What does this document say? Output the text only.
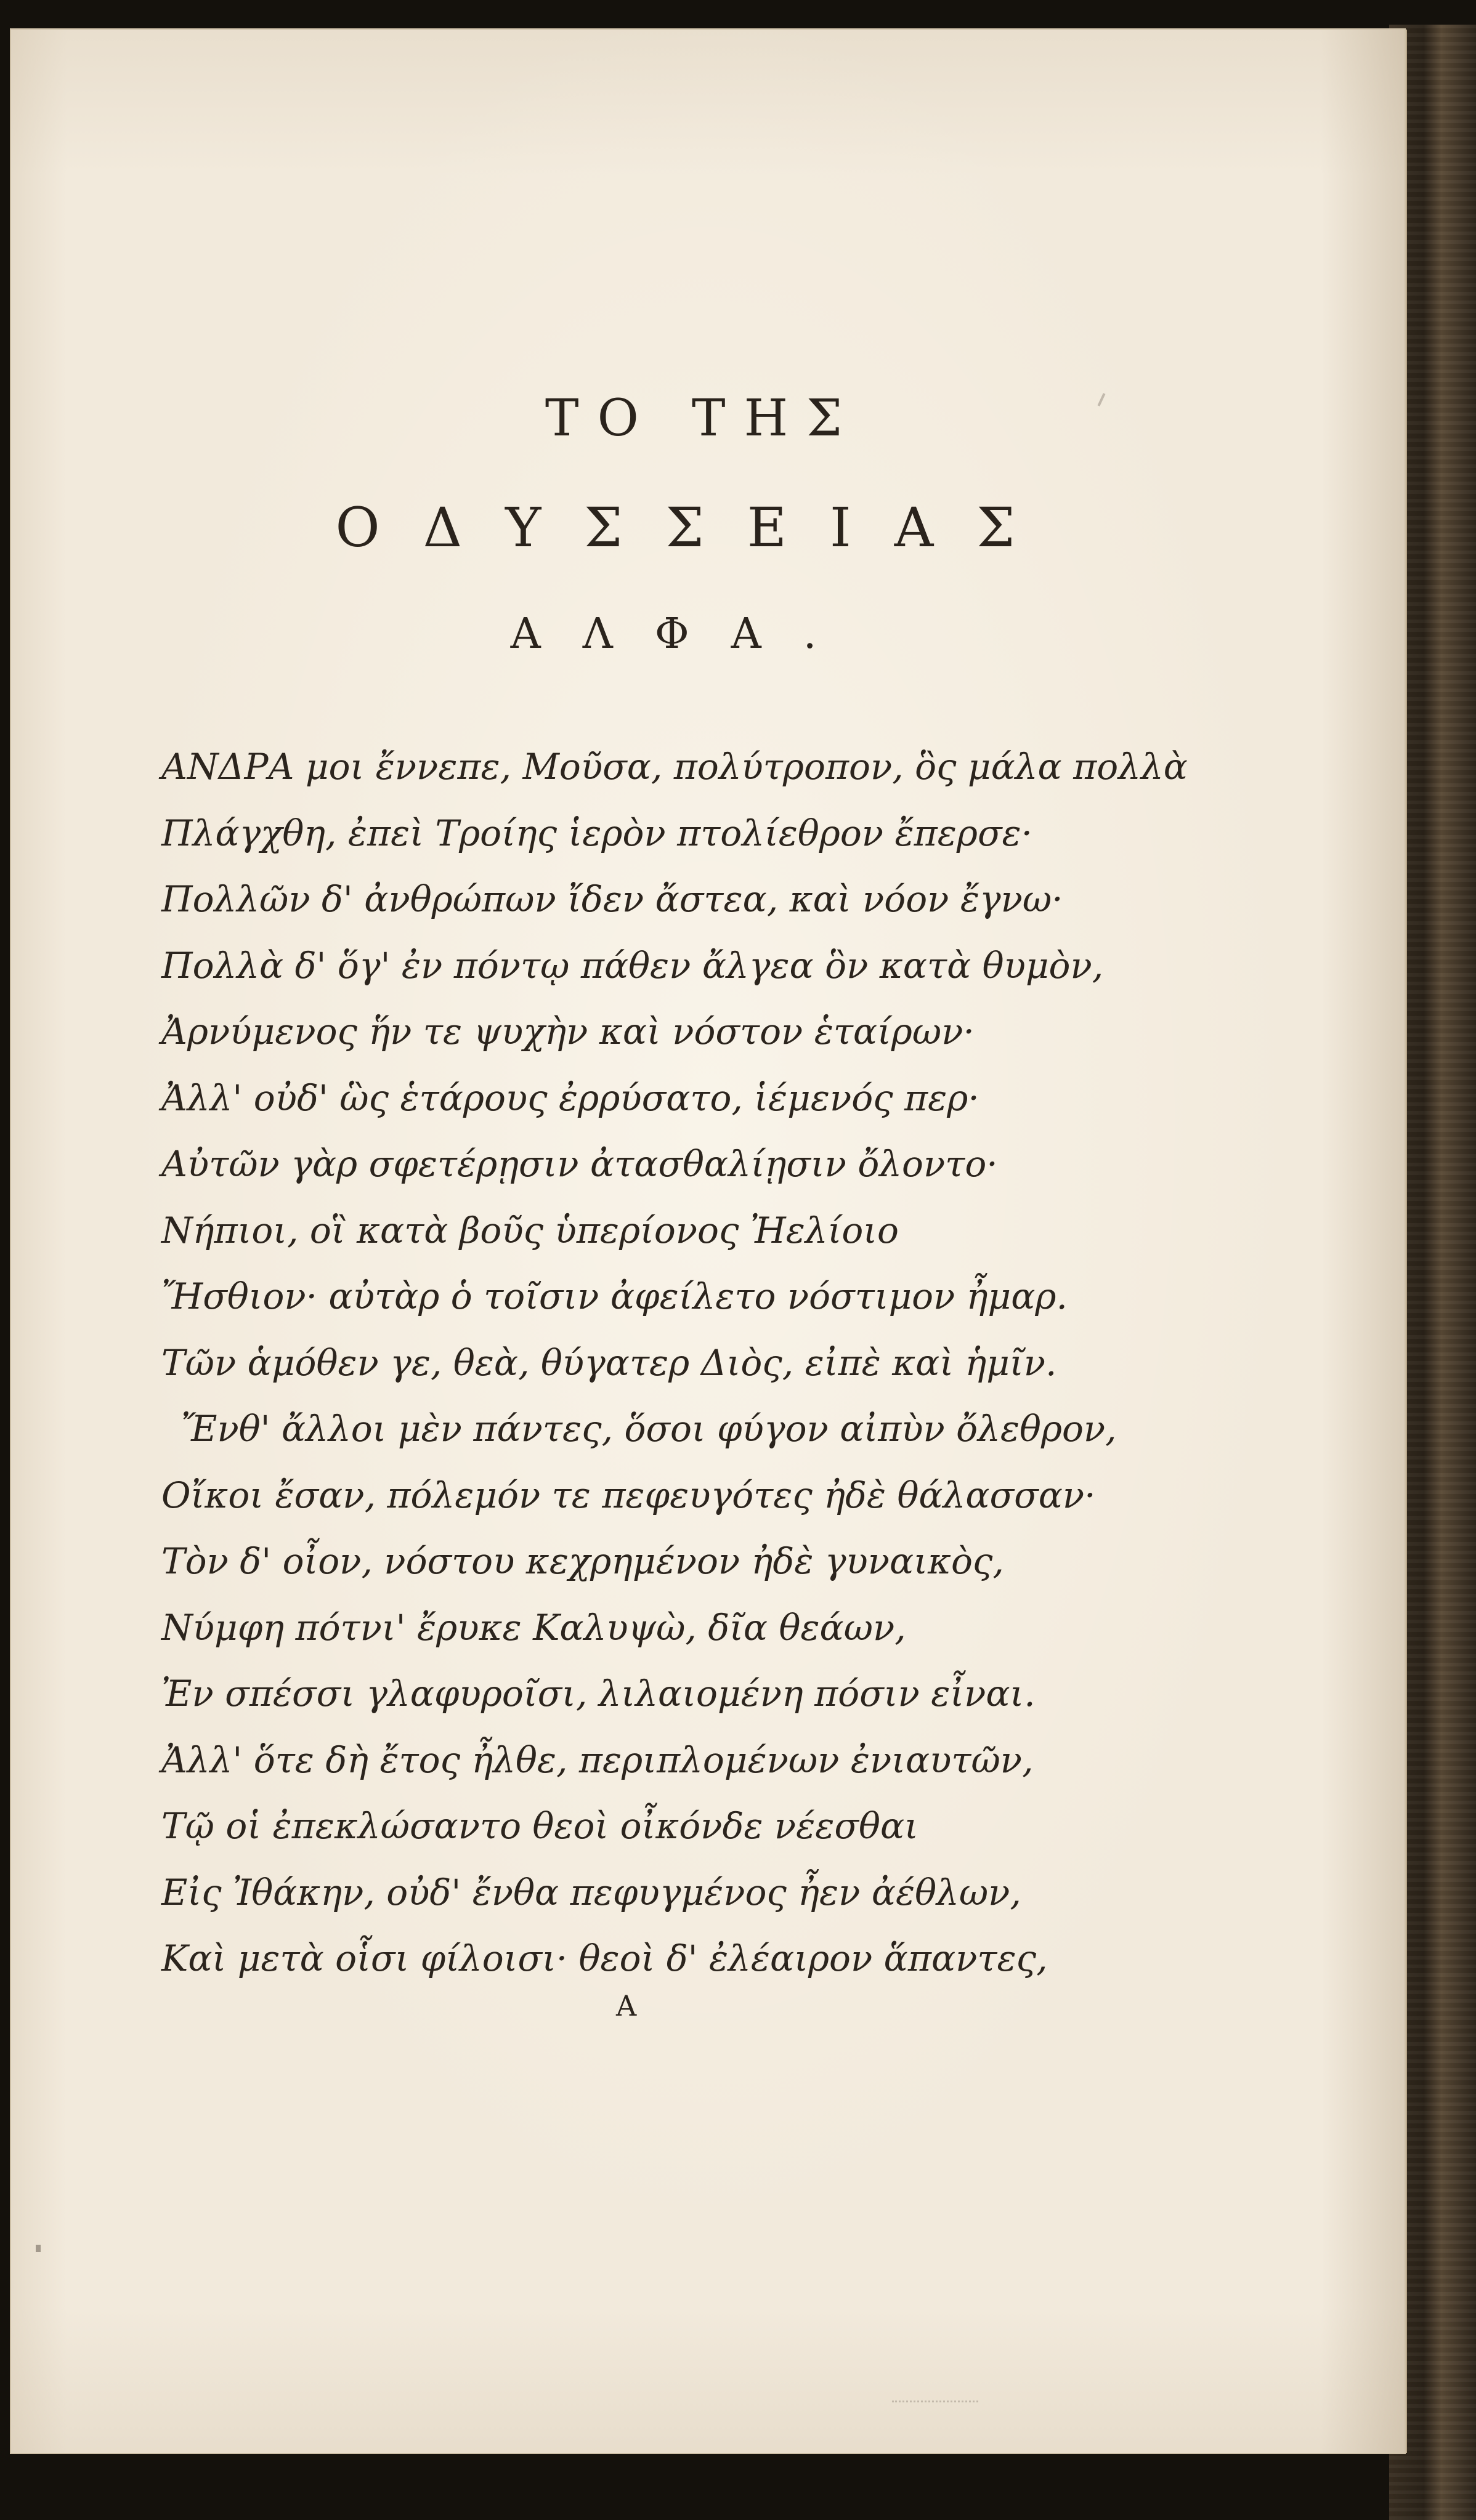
ΤΟ ΤΗΣ
ΟΔΥΣΣΕΙΑΣ
ΑΛΦΑ.
ΑΝΔΡΑ μοι ἔννεπε, Μοῦσα, πολύτροπον, ὃς μάλα πολλὰ
Πλάγχθη, ἐπεὶ Τροίης ἱερὸν πτολίεθρον ἔπερσε·
Πολλῶν δ' ἀνθρώπων ἴδεν ἄστεα, καὶ νόον ἔγνω·
Πολλὰ δ' ὅγ' ἐν πόντῳ πάθεν ἄλγεα ὃν κατὰ θυμὸν,
Ἀρνύμενος ἥν τε ψυχὴν καὶ νόστον ἑταίρων·
Ἀλλ' οὐδ' ὣς ἑτάρους ἐρρύσατο, ἱέμενός περ·
Αὐτῶν γὰρ σφετέρῃσιν ἀτασθαλίῃσιν ὄλοντο·
Νήπιοι, οἳ κατὰ βοῦς ὑπερίονος Ἠελίοιο
Ἤσθιον· αὐτὰρ ὁ τοῖσιν ἀφείλετο νόστιμον ἦμαρ.
Τῶν ἁμόθεν γε, θεὰ, θύγατερ Διὸς, εἰπὲ καὶ ἡμῖν.
Ἔνθ' ἄλλοι μὲν πάντες, ὅσοι φύγον αἰπὺν ὄλεθρον,
Οἴκοι ἔσαν, πόλεμόν τε πεφευγότες ἠδὲ θάλασσαν·
Τὸν δ' οἶον, νόστου κεχρημένον ἠδὲ γυναικὸς,
Νύμφη πότνι' ἔρυκε Καλυψὼ, δῖα θεάων,
Ἐν σπέσσι γλαφυροῖσι, λιλαιομένη πόσιν εἶναι.
Ἀλλ' ὅτε δὴ ἔτος ἦλθε, περιπλομένων ἐνιαυτῶν,
Τῷ οἱ ἐπεκλώσαντο θεοὶ οἶκόνδε νέεσθαι
Εἰς Ἰθάκην, οὐδ' ἔνθα πεφυγμένος ἦεν ἀέθλων,
Καὶ μετὰ οἷσι φίλοισι· θεοὶ δ' ἐλέαιρον ἅπαντες,
A
